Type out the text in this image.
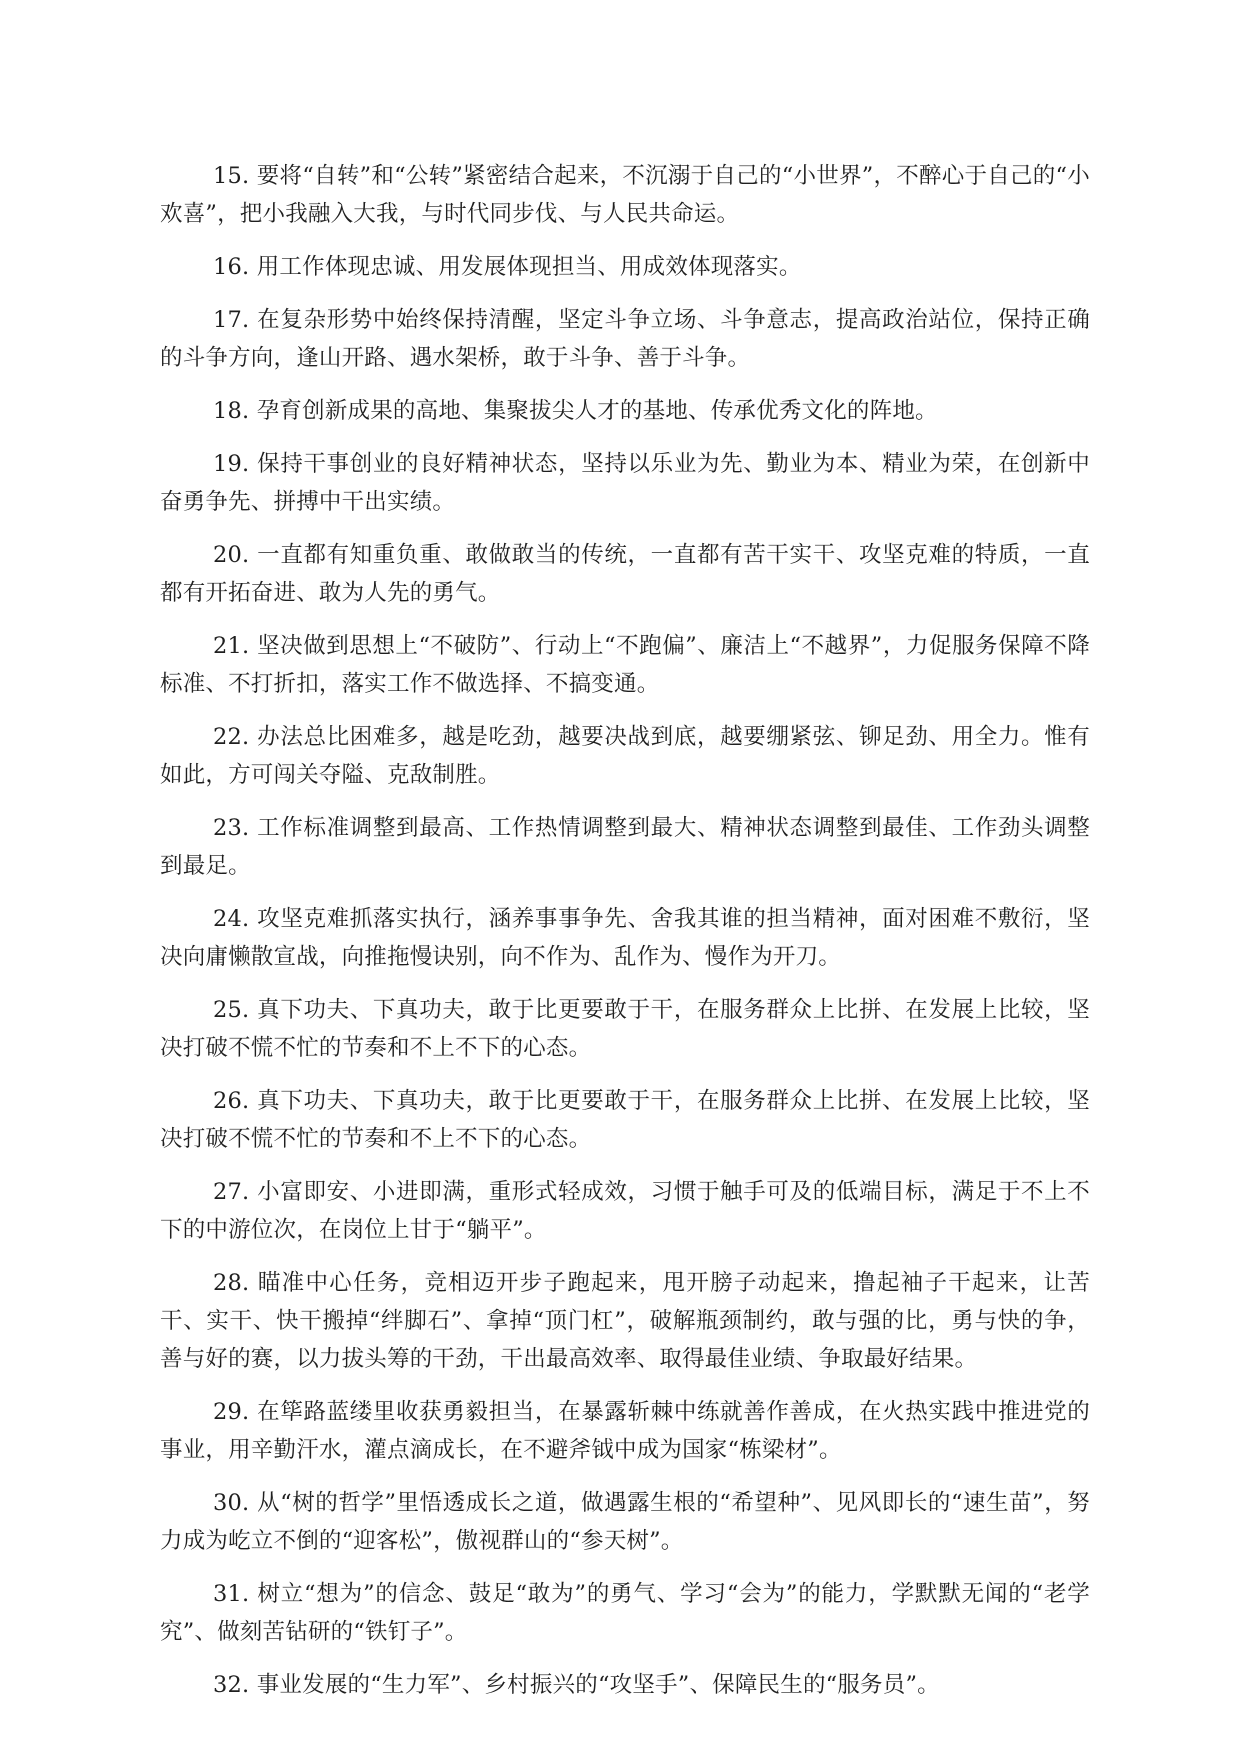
15. 要将“自转”和“公转”紧密结合起来，不沉溺于自己的“小世界”，不醉心于自己的“小欢喜”，把小我融入大我，与时代同步伐、与人民共命运。

16. 用工作体现忠诚、用发展体现担当、用成效体现落实。

17. 在复杂形势中始终保持清醒，坚定斗争立场、斗争意志，提高政治站位，保持正确的斗争方向，逢山开路、遇水架桥，敢于斗争、善于斗争。

18. 孕育创新成果的高地、集聚拔尖人才的基地、传承优秀文化的阵地。

19. 保持干事创业的良好精神状态，坚持以乐业为先、勤业为本、精业为荣，在创新中奋勇争先、拼搏中干出实绩。

20. 一直都有知重负重、敢做敢当的传统，一直都有苦干实干、攻坚克难的特质，一直都有开拓奋进、敢为人先的勇气。

21. 坚决做到思想上“不破防”、行动上“不跑偏”、廉洁上“不越界”，力促服务保障不降标准、不打折扣，落实工作不做选择、不搞变通。

22. 办法总比困难多，越是吃劲，越要决战到底，越要绷紧弦、铆足劲、用全力。惟有如此，方可闯关夺隘、克敌制胜。

23. 工作标准调整到最高、工作热情调整到最大、精神状态调整到最佳、工作劲头调整到最足。

24. 攻坚克难抓落实执行，涵养事事争先、舍我其谁的担当精神，面对困难不敷衍，坚决向庸懒散宣战，向推拖慢诀别，向不作为、乱作为、慢作为开刀。

25. 真下功夫、下真功夫，敢于比更要敢于干，在服务群众上比拼、在发展上比较，坚决打破不慌不忙的节奏和不上不下的心态。

26. 真下功夫、下真功夫，敢于比更要敢于干，在服务群众上比拼、在发展上比较，坚决打破不慌不忙的节奏和不上不下的心态。

27. 小富即安、小进即满，重形式轻成效，习惯于触手可及的低端目标，满足于不上不下的中游位次，在岗位上甘于“躺平”。

28. 瞄准中心任务，竞相迈开步子跑起来，甩开膀子动起来，撸起袖子干起来，让苦干、实干、快干搬掉“绊脚石”、拿掉“顶门杠”，破解瓶颈制约，敢与强的比，勇与快的争，善与好的赛，以力拔头筹的干劲，干出最高效率、取得最佳业绩、争取最好结果。

29. 在筚路蓝缕里收获勇毅担当，在暴露斩棘中练就善作善成，在火热实践中推进党的事业，用辛勤汗水，灌点滴成长，在不避斧钺中成为国家“栋梁材”。

30. 从“树的哲学”里悟透成长之道，做遇露生根的“希望种”、见风即长的“速生苗”，努力成为屹立不倒的“迎客松”，傲视群山的“参天树”。

31. 树立“想为”的信念、鼓足“敢为”的勇气、学习“会为”的能力，学默默无闻的“老学究”、做刻苦钻研的“铁钉子”。

32. 事业发展的“生力军”、乡村振兴的“攻坚手”、保障民生的“服务员”。
